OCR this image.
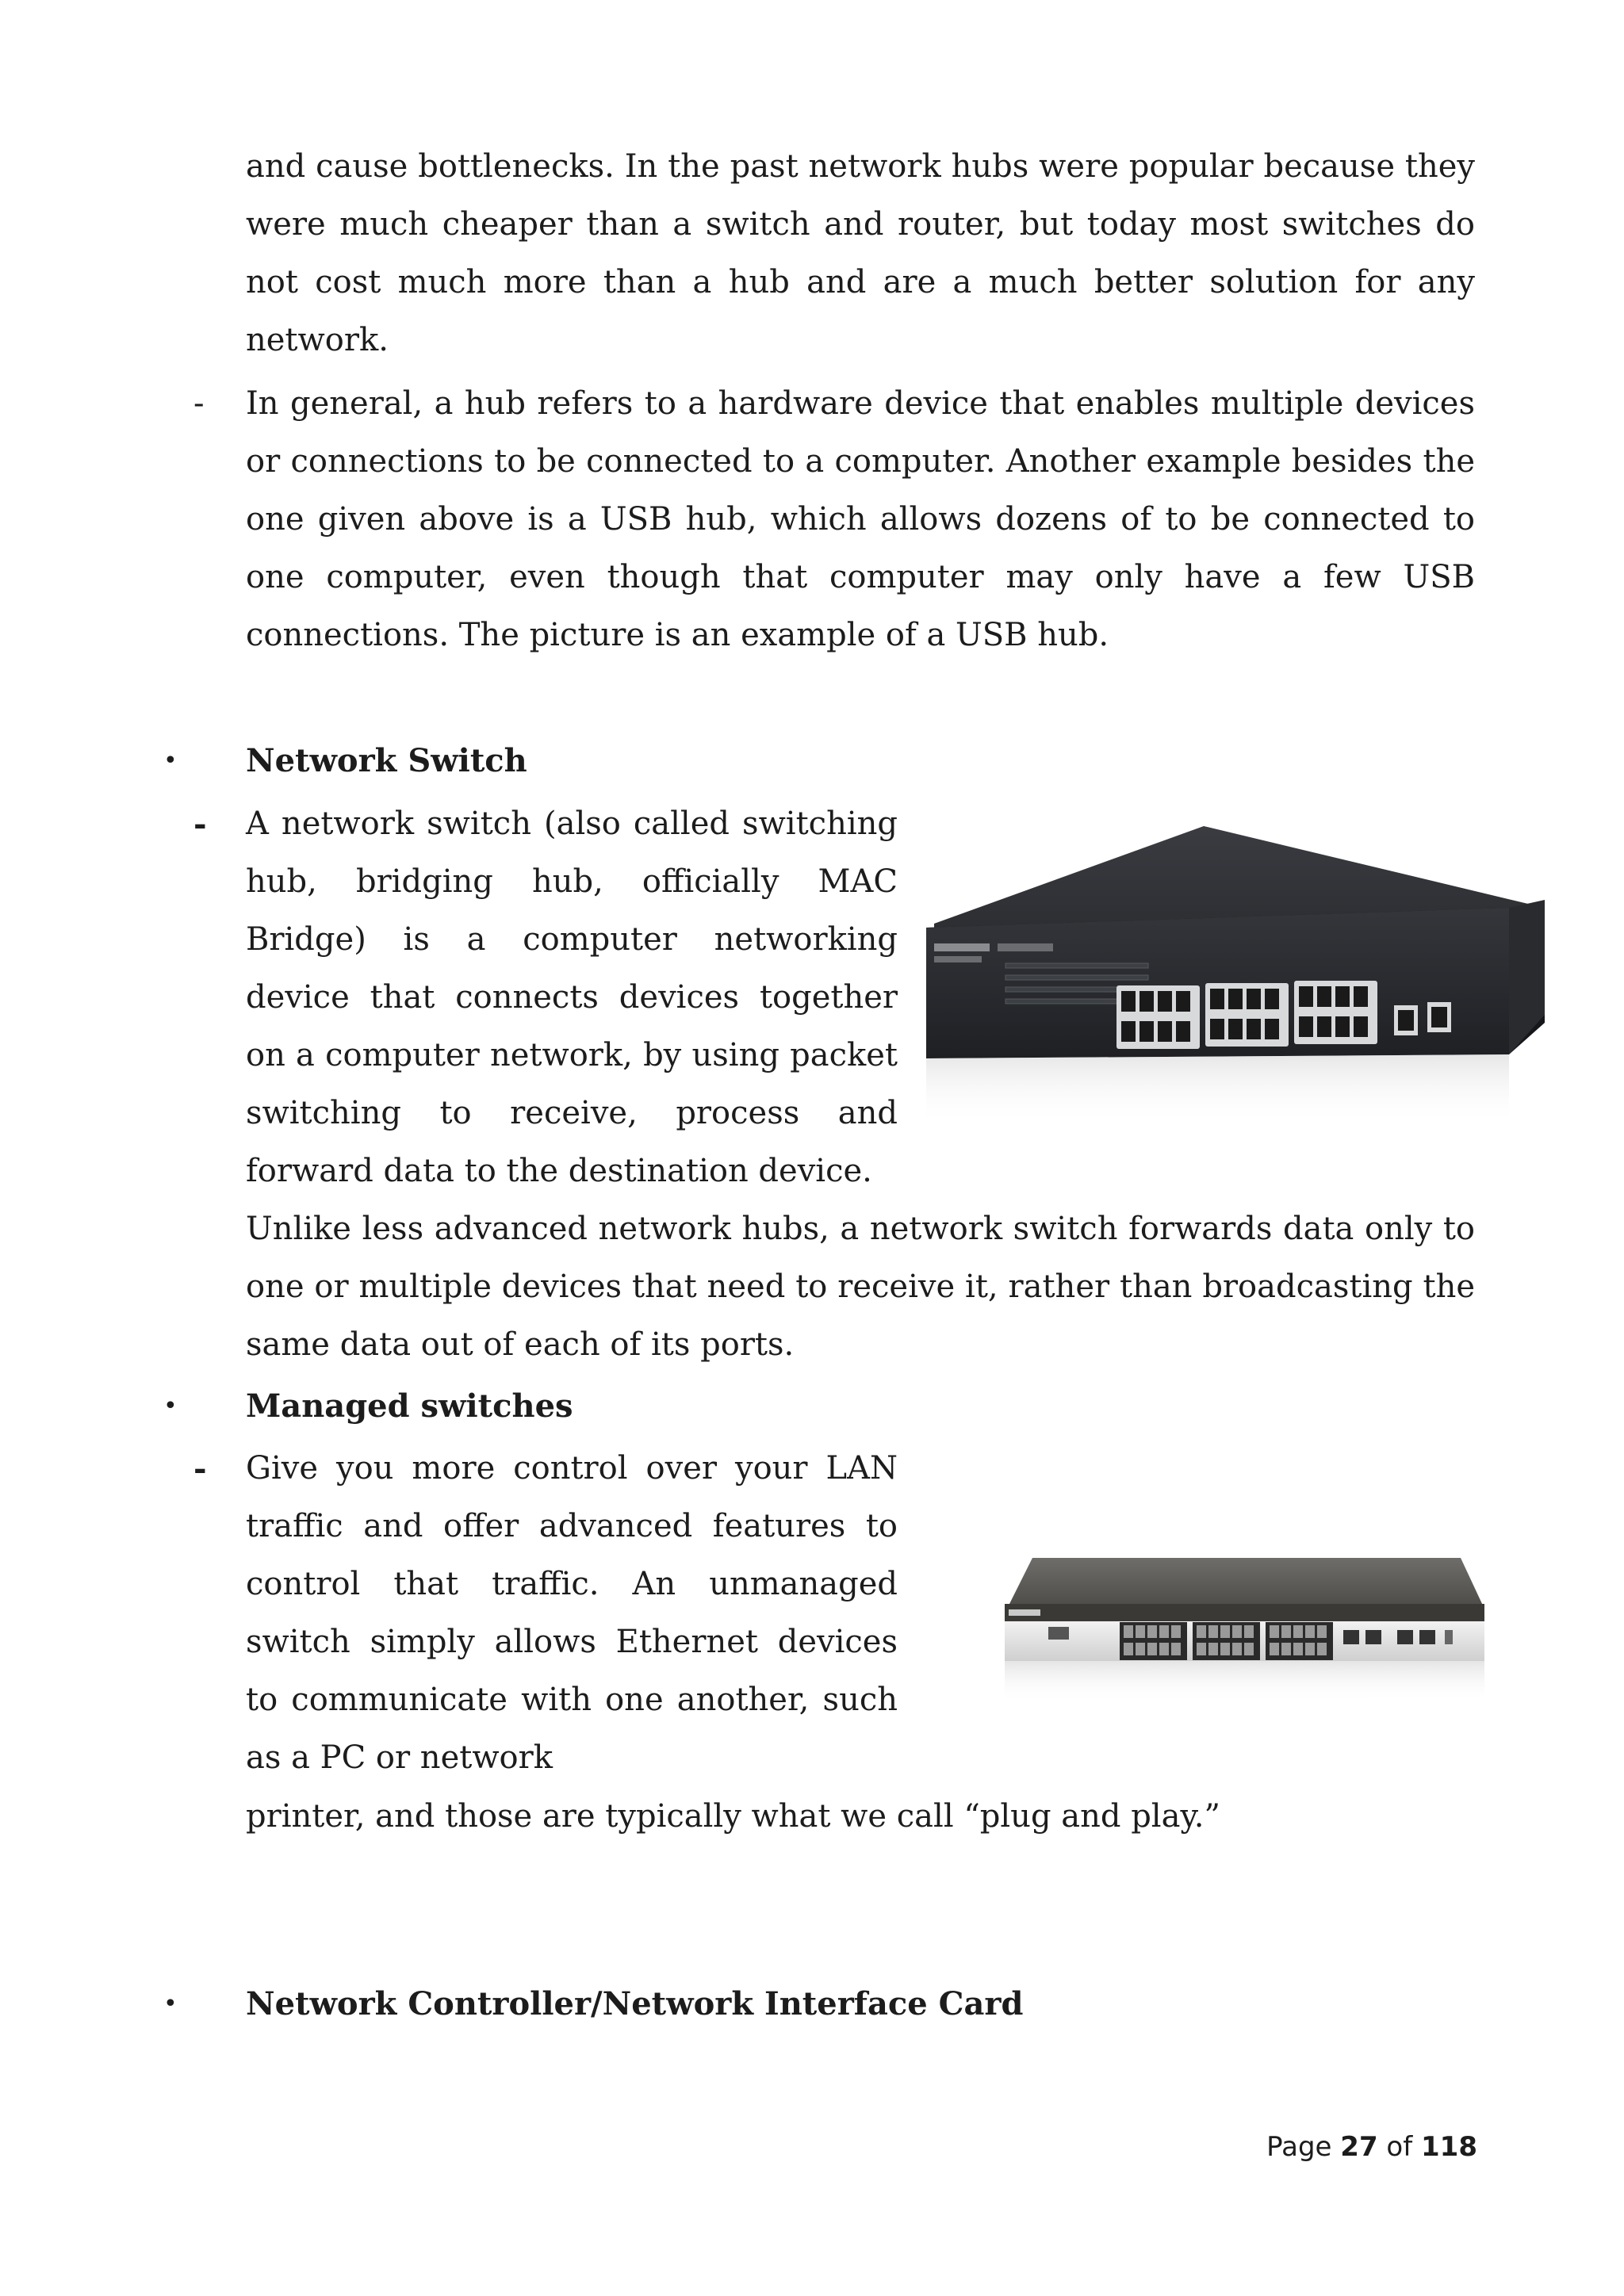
and cause bottlenecks. In the past network hubs were popular because they were much cheaper than a switch and router, but today most switches do not cost much more than a hub and are a much better solution for any network.

- In general, a hub refers to a hardware device that enables multiple devices or connections to be connected to a computer. Another example besides the one given above is a USB hub, which allows dozens of to be connected to one computer, even though that computer may only have a few USB connections. The picture is an example of a USB hub.

• Network Switch
- A network switch (also called switching hub, bridging hub, officially MAC Bridge) is a computer networking device that connects devices together on a computer network, by using packet switching to receive, process and forward data to the destination device.

Unlike less advanced network hubs, a network switch forwards data only to one or multiple devices that need to receive it, rather than broadcasting the same data out of each of its ports.

• Managed switches
- Give you more control over your LAN traffic and offer advanced features to control that traffic. An unmanaged switch simply allows Ethernet devices to communicate with one another, such as a PC or network

printer, and those are typically what we call “plug and play.”

• Network Controller/Network Interface Card
Page 27 of 118
